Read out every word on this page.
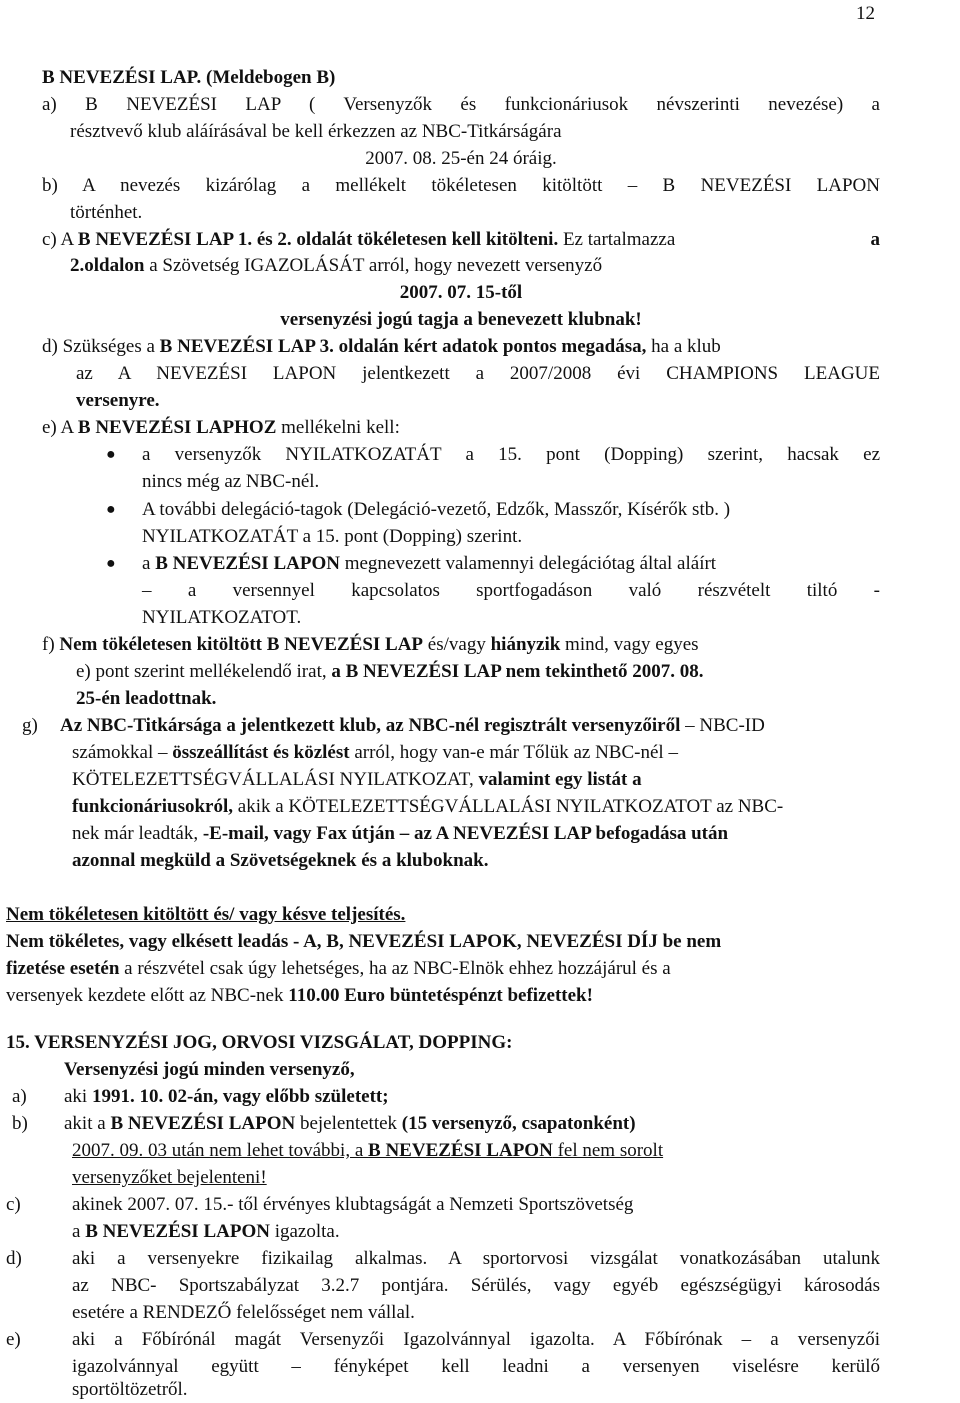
12
B NEVEZÉSI LAP. (Meldebogen B)
a) B NEVEZÉSI LAP ( Versenyzők és funkcionáriusok névszerinti nevezése) a
résztvevő klub aláírásával be kell érkezzen az NBC-Titkárságára
2007. 08. 25-én 24 óráig.
b) A nevezés kizárólag a mellékelt tökéletesen kitöltött – B NEVEZÉSI LAPON
történhet.
c) A B NEVEZÉSI LAP 1. és 2. oldalát tökéletesen kell kitölteni. Ez tartalmazza	a
2.oldalon a Szövetség IGAZOLÁSÁT arról, hogy nevezett versenyző
2007. 07. 15-től
versenyzési jogú tagja a benevezett klubnak!
d) Szükséges a B NEVEZÉSI LAP 3. oldalán kért adatok pontos megadása, ha a klub
az A NEVEZÉSI LAPON jelentkezett a 2007/2008 évi CHAMPIONS LEAGUE
versenyre.
e) A B NEVEZÉSI LAPHOZ mellékelni kell:
● a versenyzők NYILATKOZATÁT a 15. pont (Dopping) szerint, hacsak ez
nincs még az NBC-nél.
● A további delegáció-tagok (Delegáció-vezető, Edzők, Masszőr, Kísérők stb. )
NYILATKOZATÁT a 15. pont (Dopping) szerint.
● a B NEVEZÉSI LAPON megnevezett valamennyi delegációtag által aláírt
– a versennyel kapcsolatos sportfogadáson való részvételt tiltó -
NYILATKOZATOT.
f) Nem tökéletesen kitöltött B NEVEZÉSI LAP és/vagy hiányzik mind, vagy egyes
e) pont szerint mellékelendő irat, a B NEVEZÉSI LAP nem tekinthető 2007. 08.
25-én leadottnak.
g) Az NBC-Titkársága a jelentkezett klub, az NBC-nél regisztrált versenyzőiről – NBC-ID
számokkal – összeállítást és közlést arról, hogy van-e már Tőlük az NBC-nél –
KÖTELEZETTSÉGVÁLLALÁSI NYILATKOZAT, valamint egy listát a
funkcionáriusokról, akik a KÖTELEZETTSÉGVÁLLALÁSI NYILATKOZATOT az NBC-
nek már leadták, -E-mail, vagy Fax útján – az A NEVEZÉSI LAP befogadása után
azonnal megküld a Szövetségeknek és a kluboknak.
Nem tökéletesen kitöltött és/ vagy késve teljesítés.
Nem tökéletes, vagy elkésett leadás - A, B, NEVEZÉSI LAPOK, NEVEZÉSI DÍJ be nem
fizetése esetén a részvétel csak úgy lehetséges, ha az NBC-Elnök ehhez hozzájárul és a
versenyek kezdete előtt az NBC-nek 110.00 Euro büntetéspénzt befizettek!
15. VERSENYZÉSI JOG, ORVOSI VIZSGÁLAT, DOPPING:
Versenyzési jogú minden versenyző,
a) aki 1991. 10. 02-án, vagy előbb született;
b) akit a B NEVEZÉSI LAPON bejelentettek (15 versenyző, csapatonként)
2007. 09. 03 után nem lehet további, a B NEVEZÉSI LAPON fel nem sorolt
versenyzőket bejelenteni!
c)	akinek 2007. 07. 15.- től érvényes klubtagságát a Nemzeti Sportszövetség
a B NEVEZÉSI LAPON igazolta.
d)	aki a versenyekre fizikailag alkalmas. A sportorvosi vizsgálat vonatkozásában utalunk
az NBC- Sportszabályzat 3.2.7 pontjára. Sérülés, vagy egyéb egészségügyi károsodás
esetére a RENDEZŐ felelősséget nem vállal.
e)	aki a Főbírónál magát Versenyzői Igazolvánnyal igazolta. A Főbírónak – a versenyzői
igazolvánnyal együtt – fényképet kell leadni a versenyen viselésre kerülő
sportöltözetről.
